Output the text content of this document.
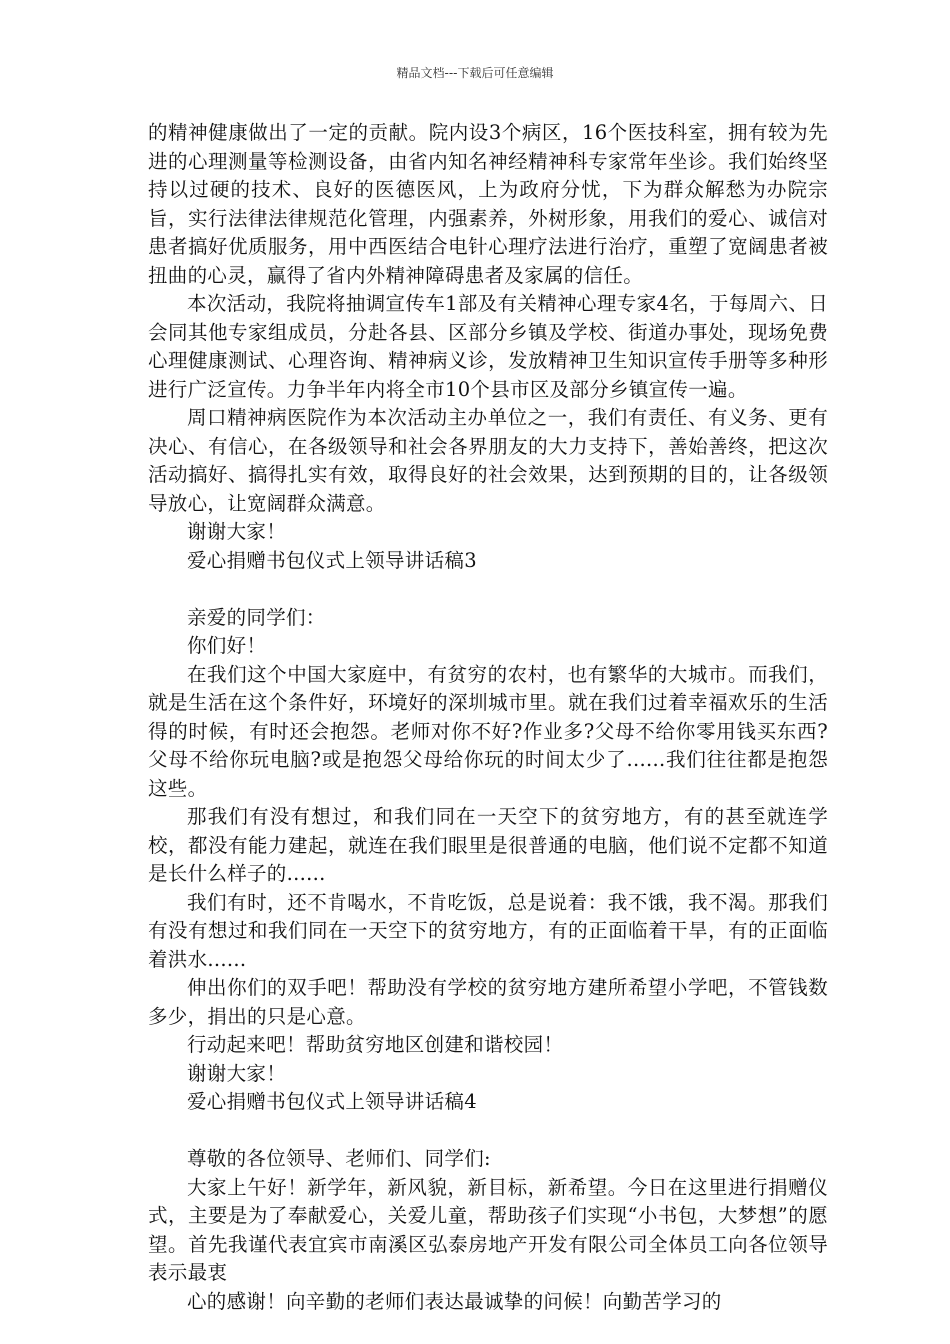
精品文档---下载后可任意编辑

的精神健康做出了一定的贡献。院内设3个病区，16个医技科室，拥有较为先进的心理测量等检测设备，由省内知名神经精神科专家常年坐诊。我们始终坚持以过硬的技术、良好的医德医风，上为政府分忧，下为群众解愁为办院宗旨，实行法律法律规范化管理，内强素养，外树形象，用我们的爱心、诚信对患者搞好优质服务，用中西医结合电针心理疗法进行治疗，重塑了宽阔患者被扭曲的心灵，赢得了省内外精神障碍患者及家属的信任。

本次活动，我院将抽调宣传车1部及有关精神心理专家4名，于每周六、日会同其他专家组成员，分赴各县、区部分乡镇及学校、街道办事处，现场免费心理健康测试、心理咨询、精神病义诊，发放精神卫生知识宣传手册等多种形进行广泛宣传。力争半年内将全市10个县市区及部分乡镇宣传一遍。

周口精神病医院作为本次活动主办单位之一，我们有责任、有义务、更有决心、有信心，在各级领导和社会各界朋友的大力支持下，善始善终，把这次活动搞好、搞得扎实有效，取得良好的社会效果，达到预期的目的，让各级领导放心，让宽阔群众满意。

谢谢大家！

爱心捐赠书包仪式上领导讲话稿3

亲爱的同学们：

你们好！

在我们这个中国大家庭中，有贫穷的农村，也有繁华的大城市。而我们，就是生活在这个条件好，环境好的深圳城市里。就在我们过着幸福欢乐的生活得的时候，有时还会抱怨。老师对你不好?作业多?父母不给你零用钱买东西?父母不给你玩电脑?或是抱怨父母给你玩的时间太少了......我们往往都是抱怨这些。

那我们有没有想过，和我们同在一天空下的贫穷地方，有的甚至就连学校，都没有能力建起，就连在我们眼里是很普通的电脑，他们说不定都不知道是长什么样子的......

我们有时，还不肯喝水，不肯吃饭，总是说着：我不饿，我不渴。那我们有没有想过和我们同在一天空下的贫穷地方，有的正面临着干旱，有的正面临着洪水......

伸出你们的双手吧！帮助没有学校的贫穷地方建所希望小学吧，不管钱数多少，捐出的只是心意。

行动起来吧！帮助贫穷地区创建和谐校园！

谢谢大家！

爱心捐赠书包仪式上领导讲话稿4

尊敬的各位领导、老师们、同学们:

大家上午好！新学年，新风貌，新目标，新希望。今日在这里进行捐赠仪式，主要是为了奉献爱心，关爱儿童，帮助孩子们实现“小书包，大梦想”的愿望。首先我谨代表宜宾市南溪区弘泰房地产开发有限公司全体员工向各位领导表示最衷

心的感谢！向辛勤的老师们表达最诚挚的问候！向勤苦学习的
